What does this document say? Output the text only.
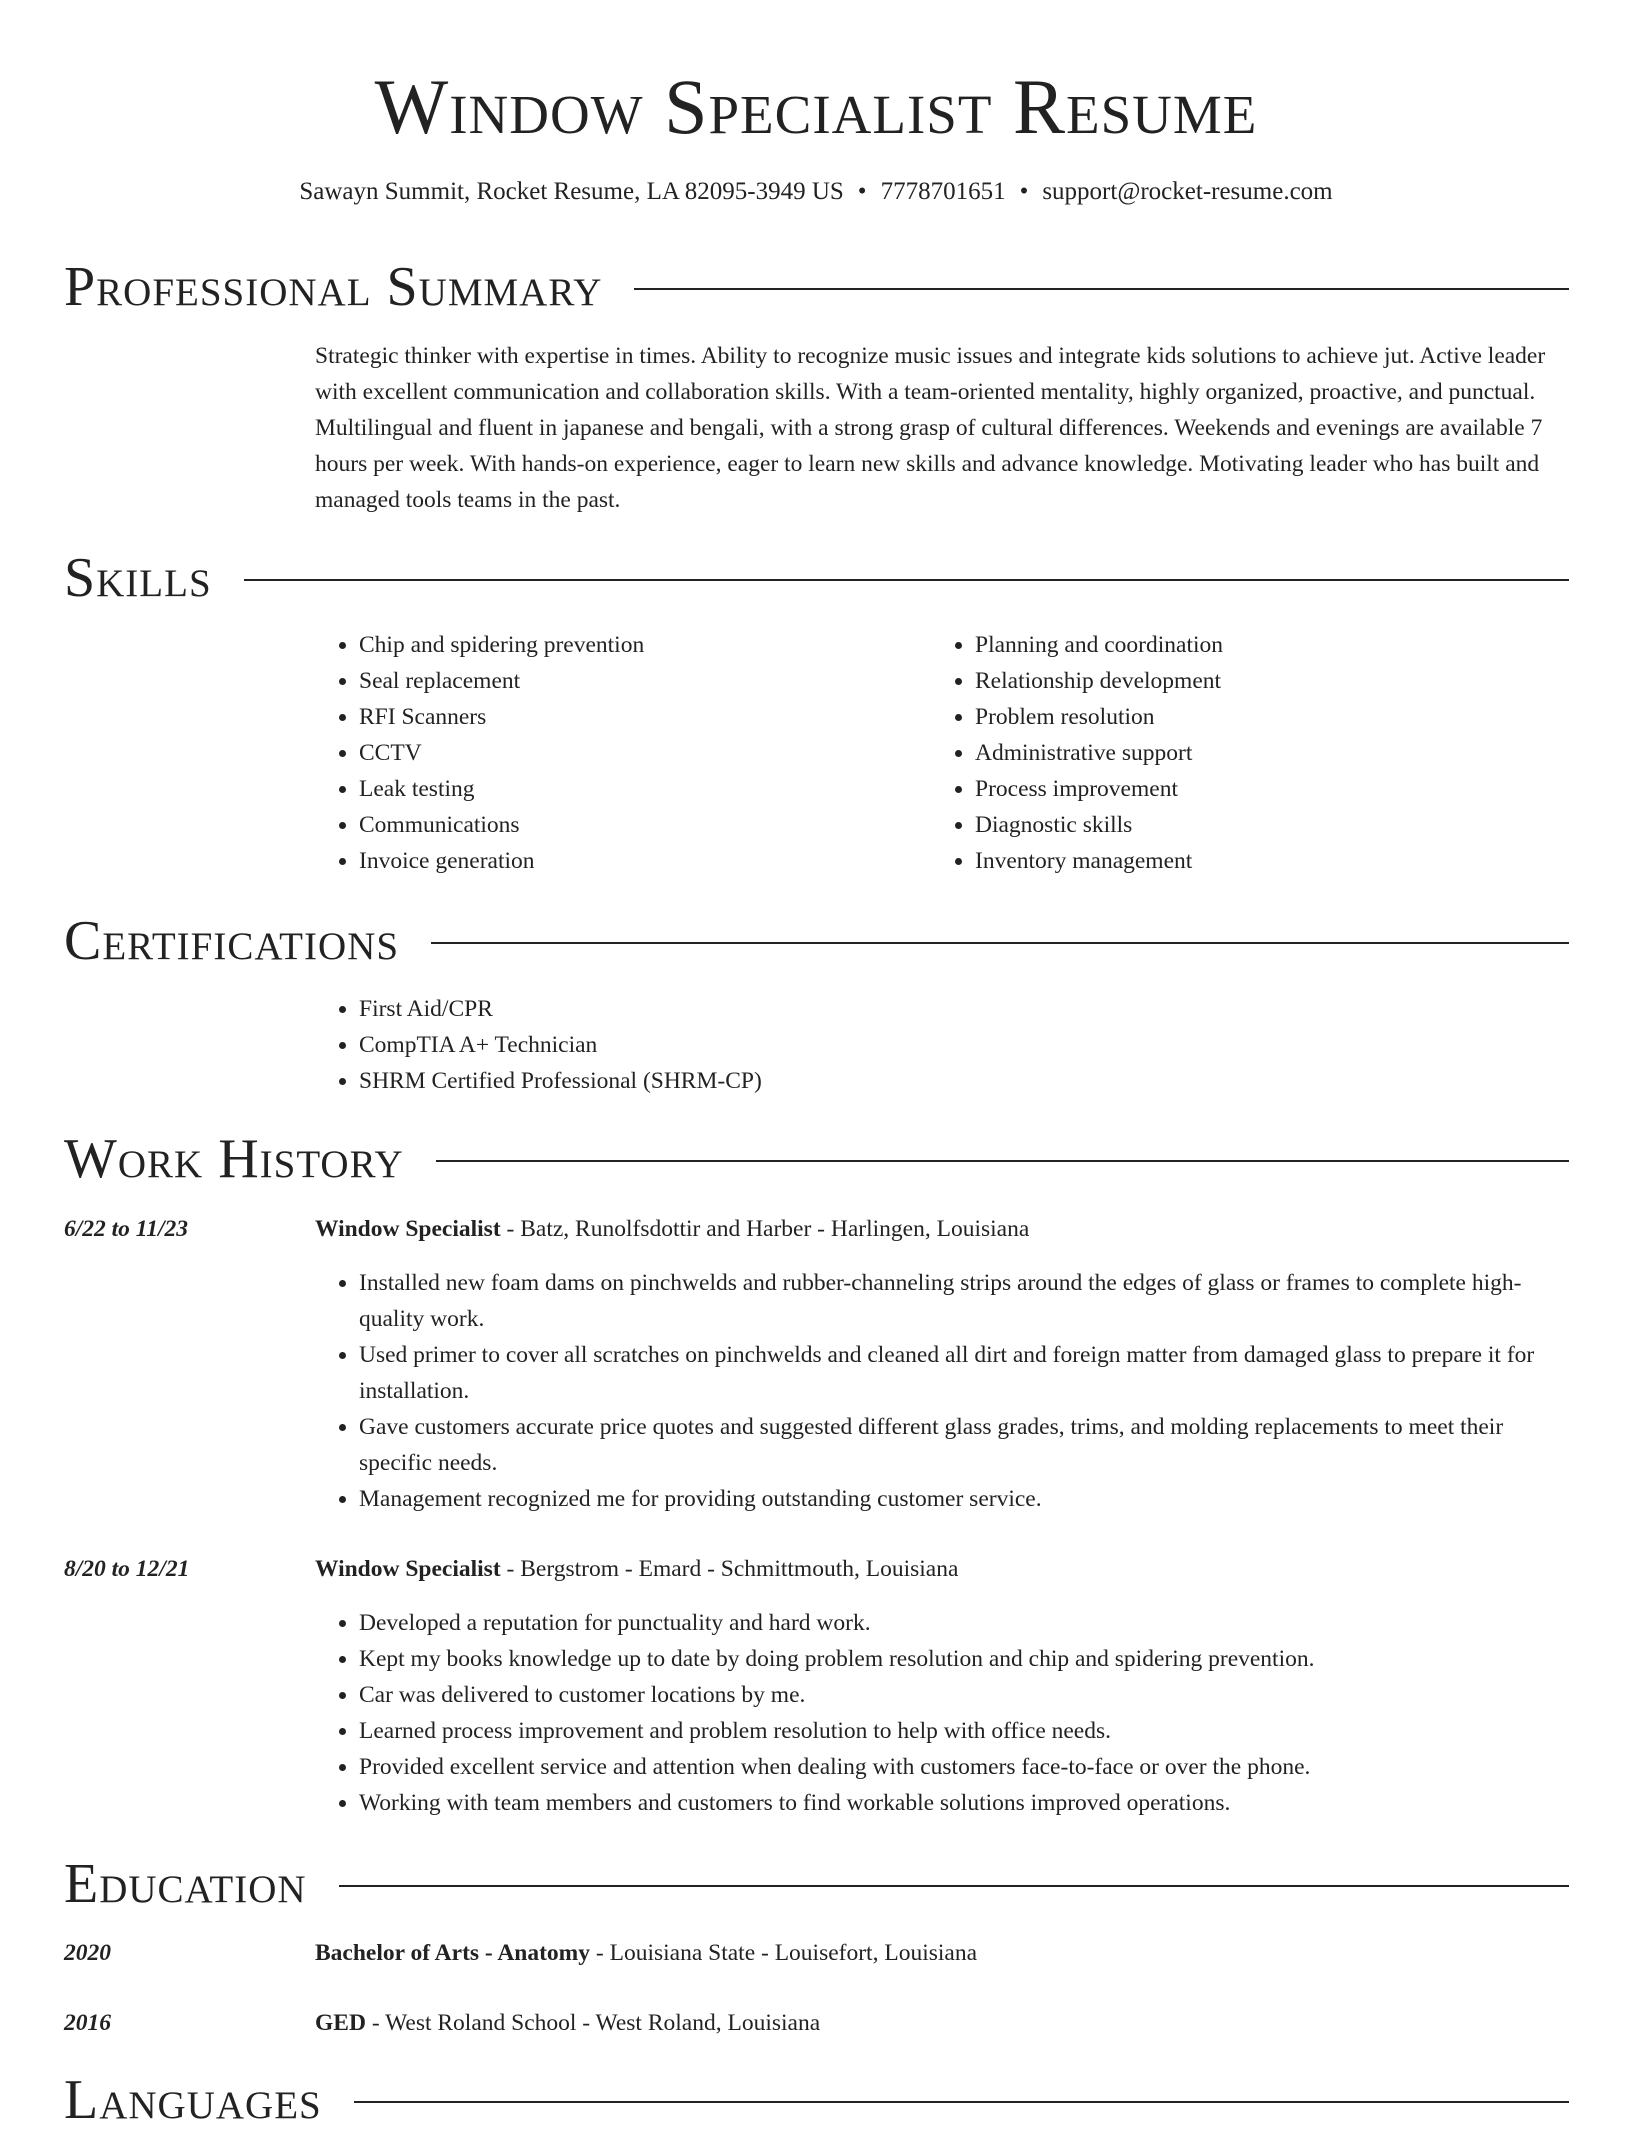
Window Specialist Resume
Sawayn Summit, Rocket Resume, LA 82095-3949 US • 7778701651 • support@rocket-resume.com
Professional Summary

Strategic thinker with expertise in times. Ability to recognize music issues and integrate kids solutions to achieve jut. Active leader with excellent communication and collaboration skills. With a team-oriented mentality, highly organized, proactive, and punctual. Multilingual and fluent in japanese and bengali, with a strong grasp of cultural differences. Weekends and evenings are available 7 hours per week. With hands-on experience, eager to learn new skills and advance knowledge. Motivating leader who has built and managed tools teams in the past.

Skills
• Chip and spidering prevention
• Seal replacement
• RFI Scanners
• CCTV
• Leak testing
• Communications
• Invoice generation
• Planning and coordination
• Relationship development
• Problem resolution
• Administrative support
• Process improvement
• Diagnostic skills
• Inventory management
Certifications
• First Aid/CPR
• CompTIA A+ Technician
• SHRM Certified Professional (SHRM-CP)
Work History
6/22 to 11/23	Window Specialist - Batz, Runolfsdottir and Harber - Harlingen, Louisiana
• Installed new foam dams on pinchwelds and rubber-channeling strips around the edges of glass or frames to complete high-quality work.
• Used primer to cover all scratches on pinchwelds and cleaned all dirt and foreign matter from damaged glass to prepare it for installation.
• Gave customers accurate price quotes and suggested different glass grades, trims, and molding replacements to meet their specific needs.
• Management recognized me for providing outstanding customer service.
8/20 to 12/21	Window Specialist - Bergstrom - Emard - Schmittmouth, Louisiana
• Developed a reputation for punctuality and hard work.
• Kept my books knowledge up to date by doing problem resolution and chip and spidering prevention.
• Car was delivered to customer locations by me.
• Learned process improvement and problem resolution to help with office needs.
• Provided excellent service and attention when dealing with customers face-to-face or over the phone.
• Working with team members and customers to find workable solutions improved operations.
Education
2020	Bachelor of Arts - Anatomy - Louisiana State - Louisefort, Louisiana
2016	GED - West Roland School - West Roland, Louisiana
Languages
